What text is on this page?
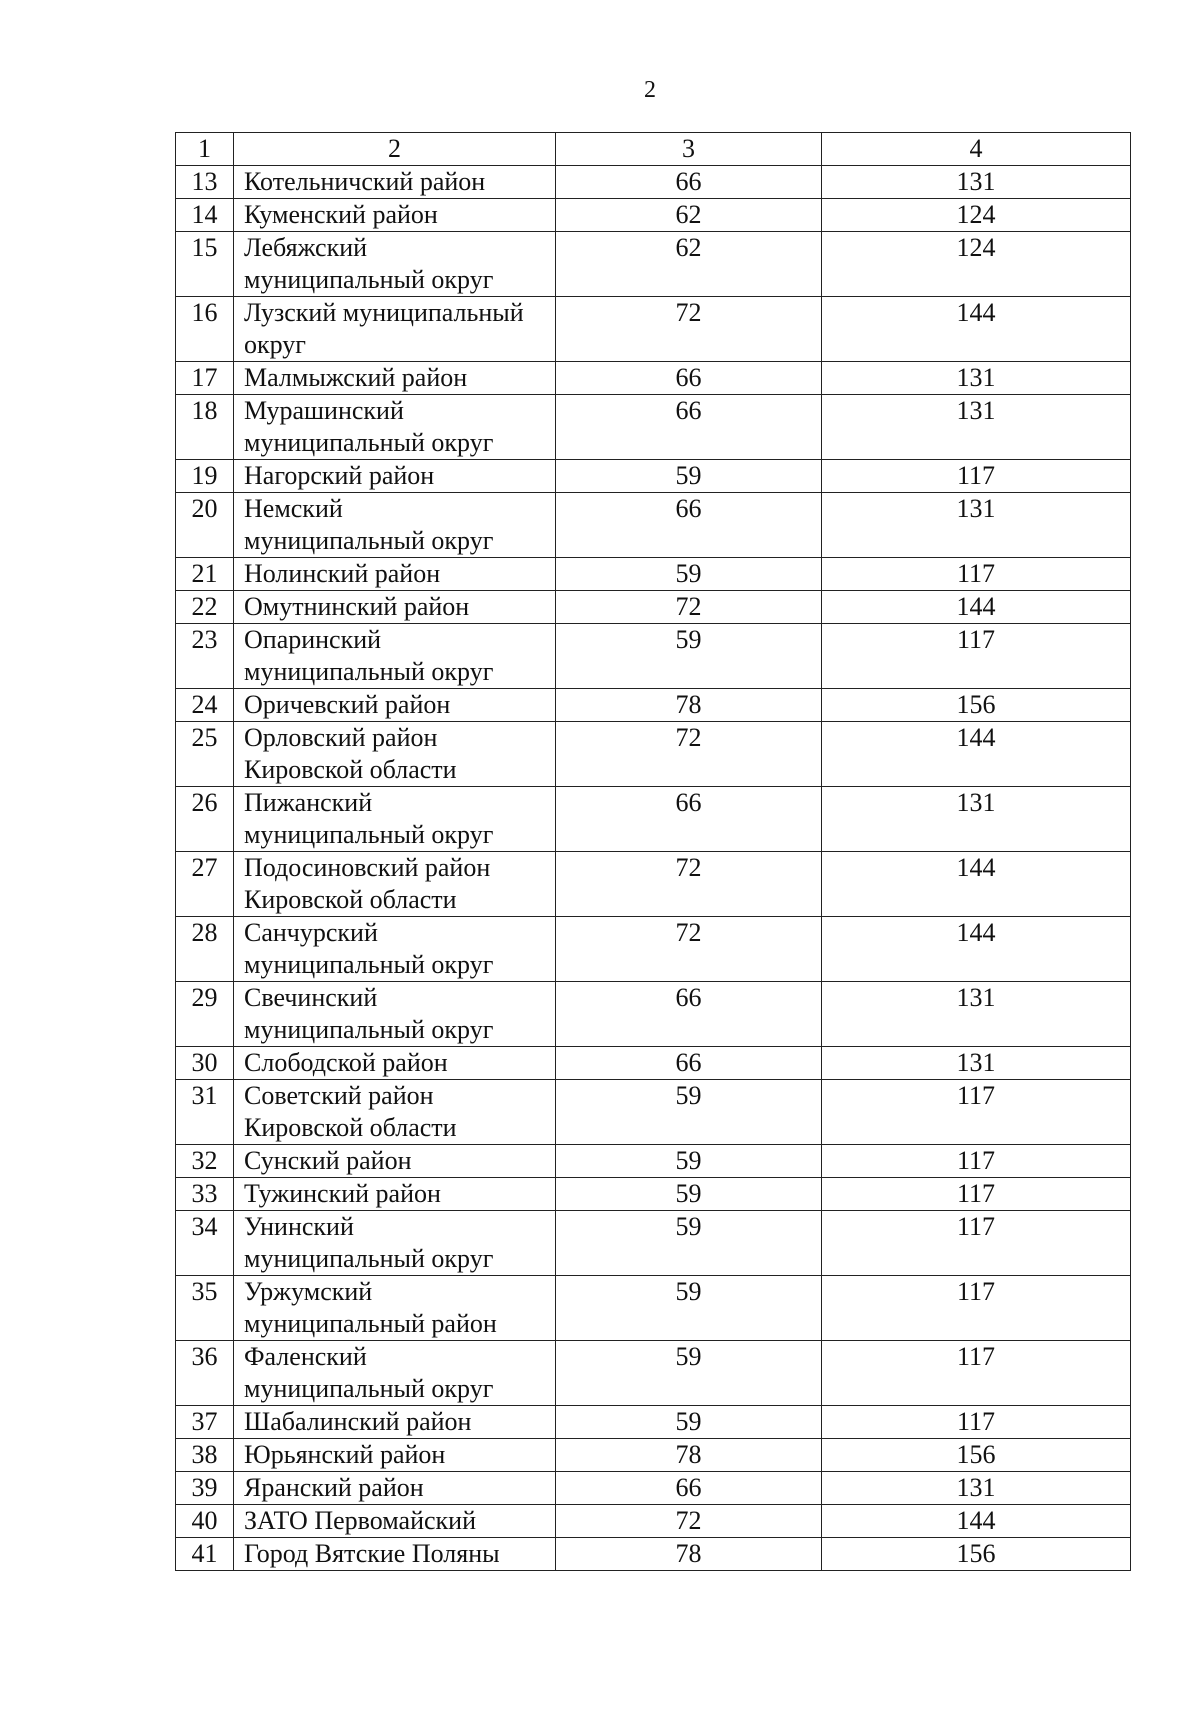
2
1	2	3	4
13	Котельничский район	66	131
14	Куменский район	62	124
15	Лебяжский
муниципальный округ	62	124
16	Лузский муниципальный
округ	72	144
17	Малмыжский район	66	131
18	Мурашинский
муниципальный округ	66	131
19	Нагорский район	59	117
20	Немский
муниципальный округ	66	131
21	Нолинский район	59	117
22	Омутнинский район	72	144
23	Опаринский
муниципальный округ	59	117
24	Оричевский район	78	156
25	Орловский район
Кировской области	72	144
26	Пижанский
муниципальный округ	66	131
27	Подосиновский район
Кировской области	72	144
28	Санчурский
муниципальный округ	72	144
29	Свечинский
муниципальный округ	66	131
30	Слободской район	66	131
31	Советский район
Кировской области	59	117
32	Сунский район	59	117
33	Тужинский район	59	117
34	Унинский
муниципальный округ	59	117
35	Уржумский
муниципальный район	59	117
36	Фаленский
муниципальный округ	59	117
37	Шабалинский район	59	117
38	Юрьянский район	78	156
39	Яранский район	66	131
40	ЗАТО Первомайский	72	144
41	Город Вятские Поляны	78	156
